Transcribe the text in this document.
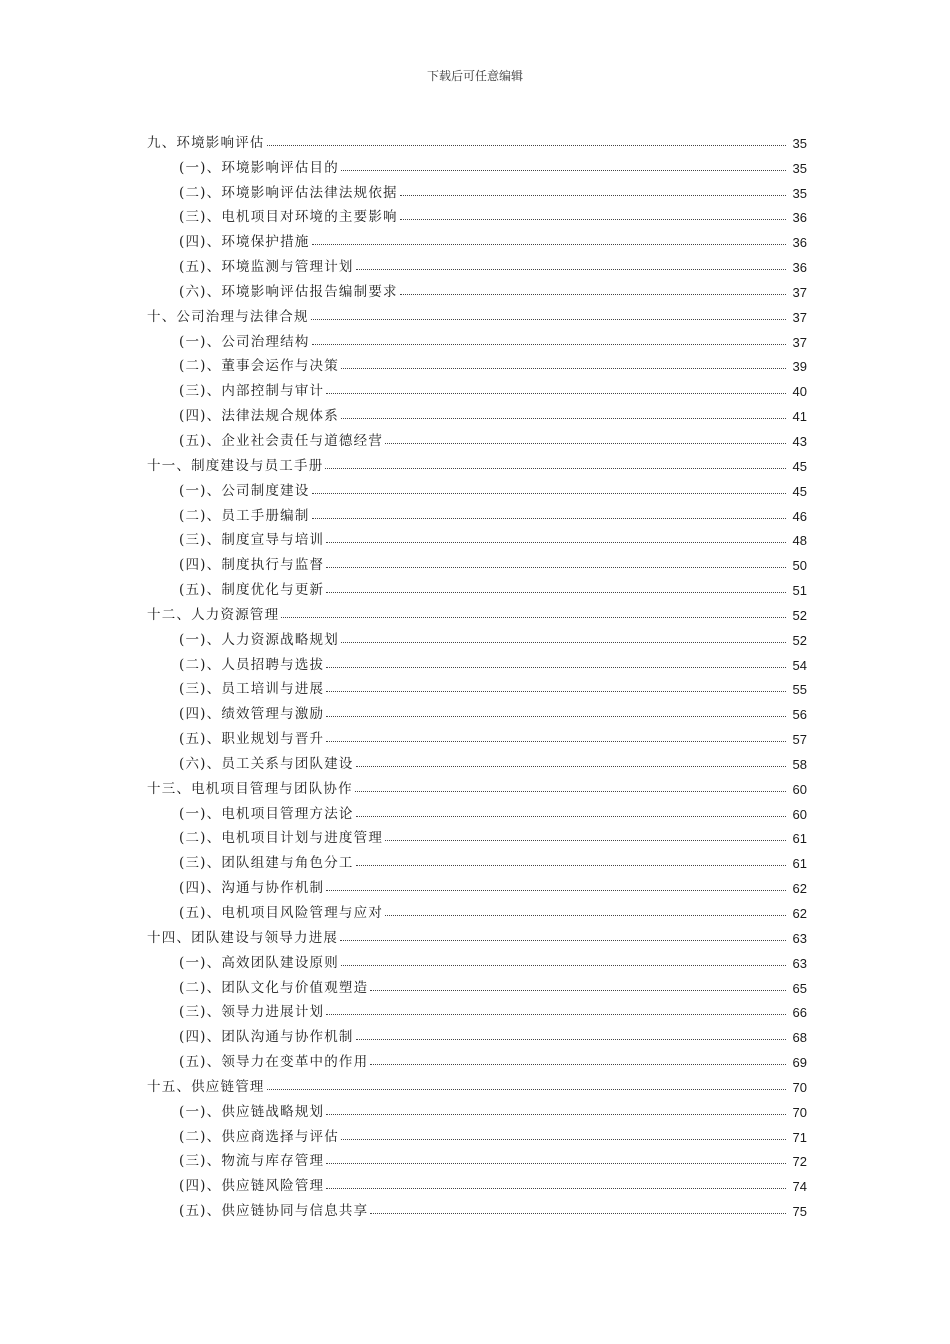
下载后可任意编辑
九、环境影响评估	35
(一)、环境影响评估目的	35
(二)、环境影响评估法律法规依据	35
(三)、电机项目对环境的主要影响	36
(四)、环境保护措施	36
(五)、环境监测与管理计划	36
(六)、环境影响评估报告编制要求	37
十、公司治理与法律合规	37
(一)、公司治理结构	37
(二)、董事会运作与决策	39
(三)、内部控制与审计	40
(四)、法律法规合规体系	41
(五)、企业社会责任与道德经营	43
十一、制度建设与员工手册	45
(一)、公司制度建设	45
(二)、员工手册编制	46
(三)、制度宣导与培训	48
(四)、制度执行与监督	50
(五)、制度优化与更新	51
十二、人力资源管理	52
(一)、人力资源战略规划	52
(二)、人员招聘与选拔	54
(三)、员工培训与进展	55
(四)、绩效管理与激励	56
(五)、职业规划与晋升	57
(六)、员工关系与团队建设	58
十三、电机项目管理与团队协作	60
(一)、电机项目管理方法论	60
(二)、电机项目计划与进度管理	61
(三)、团队组建与角色分工	61
(四)、沟通与协作机制	62
(五)、电机项目风险管理与应对	62
十四、团队建设与领导力进展	63
(一)、高效团队建设原则	63
(二)、团队文化与价值观塑造	65
(三)、领导力进展计划	66
(四)、团队沟通与协作机制	68
(五)、领导力在变革中的作用	69
十五、供应链管理	70
(一)、供应链战略规划	70
(二)、供应商选择与评估	71
(三)、物流与库存管理	72
(四)、供应链风险管理	74
(五)、供应链协同与信息共享	75
